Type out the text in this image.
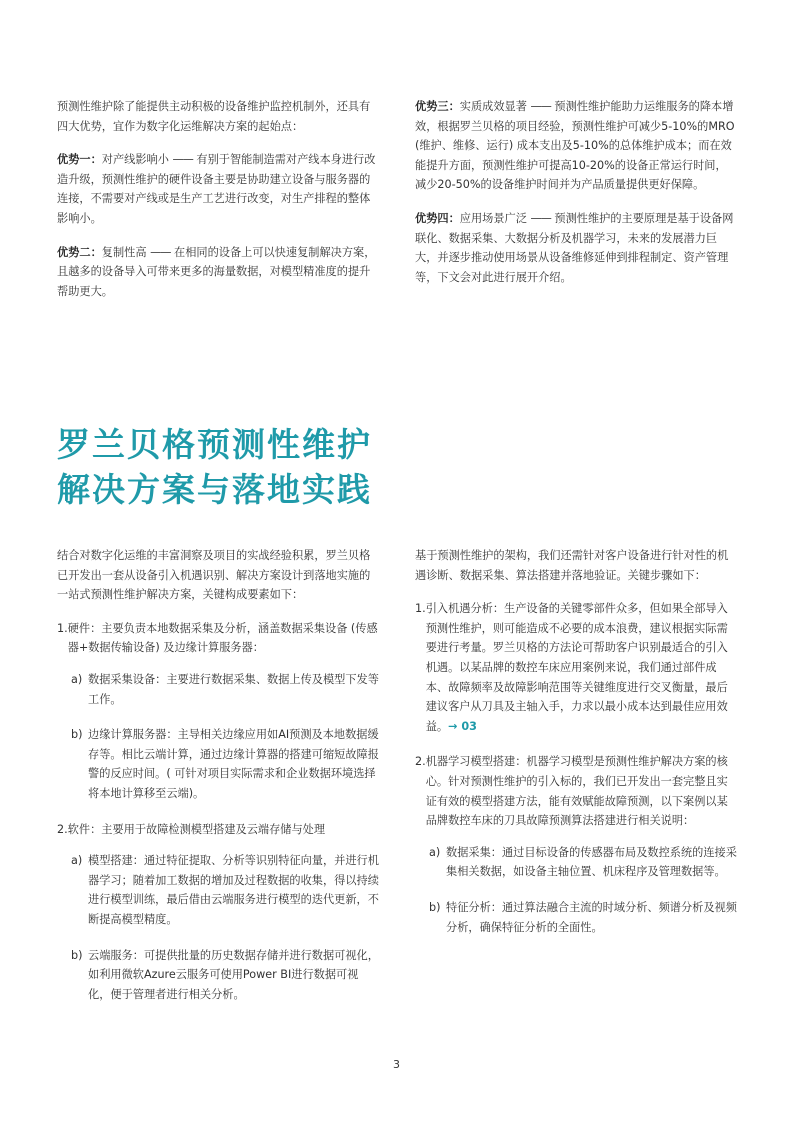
预测性维护除了能提供主动积极的设备维护监控机制外，还具有四大优势，宜作为数字化运维解决方案的起始点：

优势一：对产线影响小 —— 有别于智能制造需对产线本身进行改造升级，预测性维护的硬件设备主要是协助建立设备与服务器的连接，不需要对产线或是生产工艺进行改变，对生产排程的整体影响小。

优势二：复制性高 —— 在相同的设备上可以快速复制解决方案，且越多的设备导入可带来更多的海量数据，对模型精准度的提升帮助更大。

优势三：实质成效显著 —— 预测性维护能助力运维服务的降本增效，根据罗兰贝格的项目经验，预测性维护可减少5-10%的MRO (维护、维修、运行) 成本支出及5-10%的总体维护成本；而在效能提升方面，预测性维护可提高10-20%的设备正常运行时间，减少20-50%的设备维护时间并为产品质量提供更好保障。

优势四：应用场景广泛 —— 预测性维护的主要原理是基于设备网联化、数据采集、大数据分析及机器学习，未来的发展潜力巨大，并逐步推动使用场景从设备维修延伸到排程制定、资产管理等，下文会对此进行展开介绍。

罗兰贝格预测性维护
解决方案与落地实践

结合对数字化运维的丰富洞察及项目的实战经验积累，罗兰贝格已开发出一套从设备引入机遇识别、解决方案设计到落地实施的一站式预测性维护解决方案，关键构成要素如下：

1. 硬件：主要负责本地数据采集及分析，涵盖数据采集设备 (传感器+数据传输设备) 及边缘计算服务器：
a) 数据采集设备：主要进行数据采集、数据上传及模型下发等工作。
b) 边缘计算服务器：主导相关边缘应用如AI预测及本地数据缓存等。相比云端计算，通过边缘计算器的搭建可缩短故障报警的反应时间。( 可针对项目实际需求和企业数据环境选择将本地计算移至云端)。
2. 软件：主要用于故障检测模型搭建及云端存储与处理
a) 模型搭建：通过特征提取、分析等识别特征向量，并进行机器学习；随着加工数据的增加及过程数据的收集，得以持续进行模型训练，最后借由云端服务进行模型的迭代更新，不断提高模型精度。
b) 云端服务：可提供批量的历史数据存储并进行数据可视化，如利用微软Azure云服务可使用Power BI进行数据可视化，便于管理者进行相关分析。

基于预测性维护的架构，我们还需针对客户设备进行针对性的机遇诊断、数据采集、算法搭建并落地验证。关键步骤如下：

1. 引入机遇分析：生产设备的关键零部件众多，但如果全部导入预测性维护，则可能造成不必要的成本浪费，建议根据实际需要进行考量。罗兰贝格的方法论可帮助客户识别最适合的引入机遇。以某品牌的数控车床应用案例来说，我们通过部件成本、故障频率及故障影响范围等关键维度进行交叉衡量，最后建议客户从刀具及主轴入手，力求以最小成本达到最佳应用效益。→ 03
2. 机器学习模型搭建：机器学习模型是预测性维护解决方案的核心。针对预测性维护的引入标的，我们已开发出一套完整且实证有效的模型搭建方法，能有效赋能故障预测，以下案例以某品牌数控车床的刀具故障预测算法搭建进行相关说明：
a) 数据采集：通过目标设备的传感器布局及数控系统的连接采集相关数据，如设备主轴位置、机床程序及管理数据等。
b) 特征分析：通过算法融合主流的时域分析、频谱分析及视频分析，确保特征分析的全面性。
3
